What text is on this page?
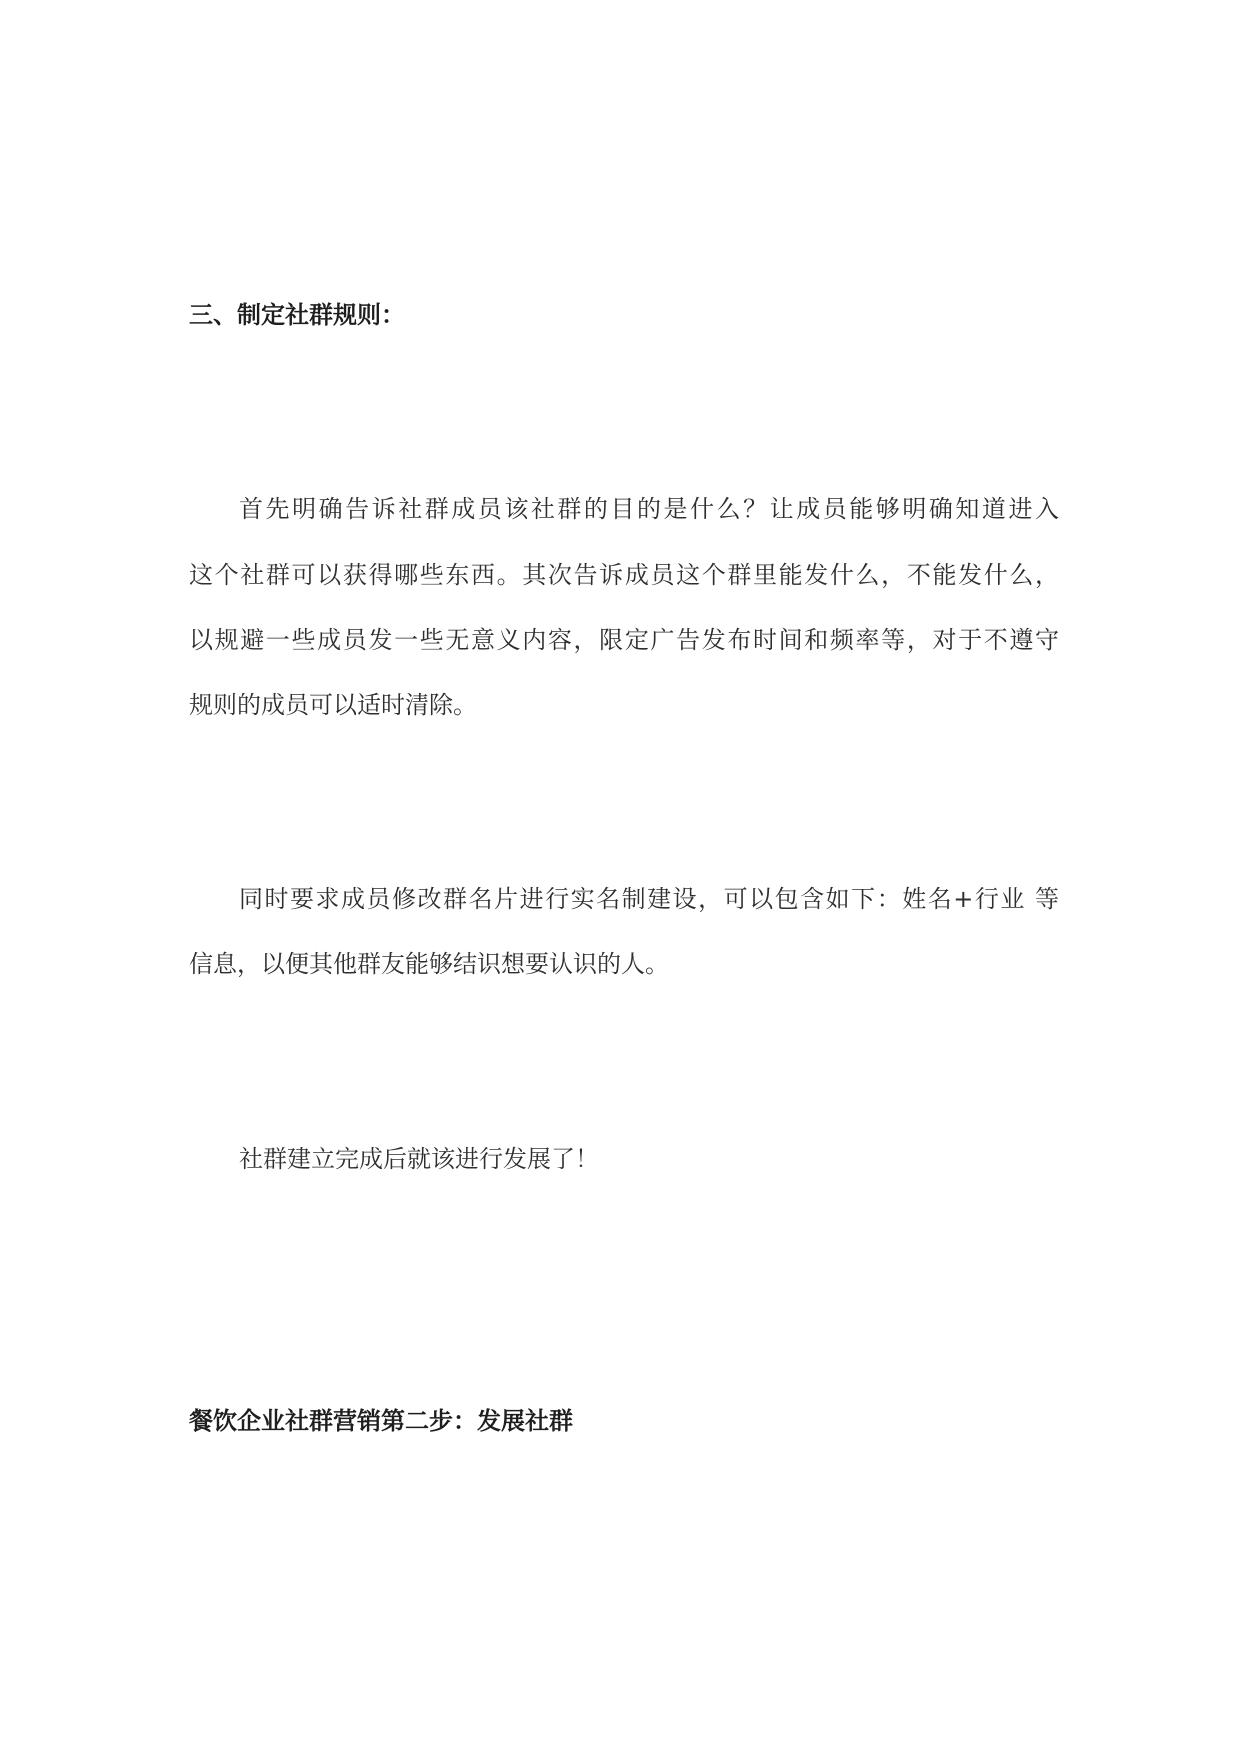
三、制定社群规则：
首先明确告诉社群成员该社群的目的是什么？让成员能够明确知道进入
这个社群可以获得哪些东西。其次告诉成员这个群里能发什么，不能发什么，
以规避一些成员发一些无意义内容，限定广告发布时间和频率等，对于不遵守
规则的成员可以适时清除。
同时要求成员修改群名片进行实名制建设，可以包含如下：姓名+行业 等
信息，以便其他群友能够结识想要认识的人。
社群建立完成后就该进行发展了！
餐饮企业社群营销第二步：发展社群
